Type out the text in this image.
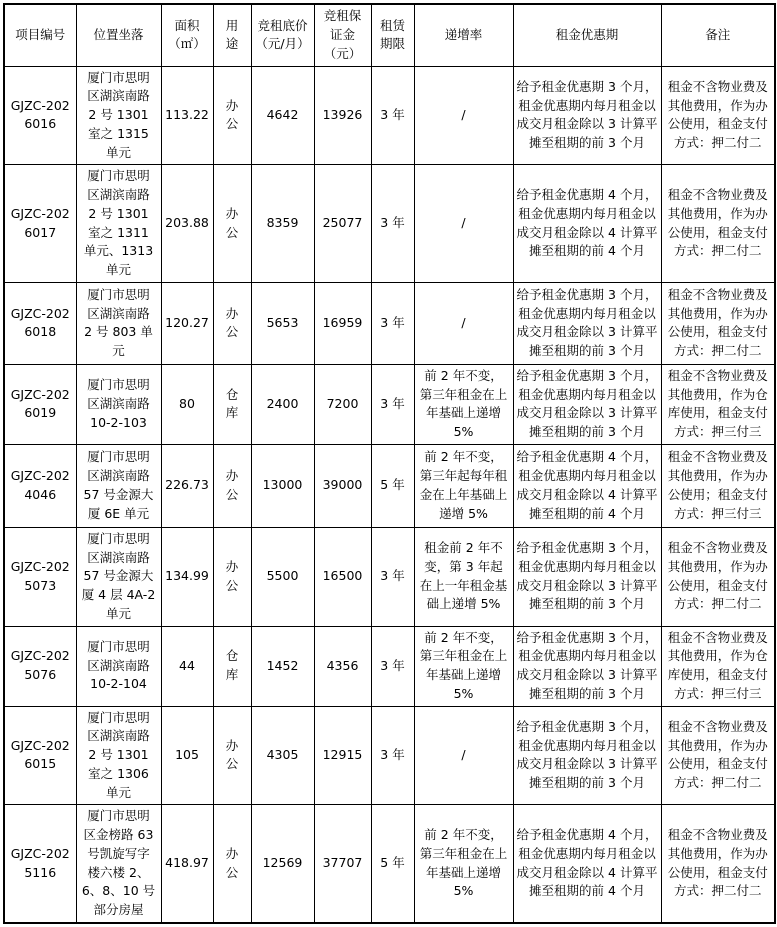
项目编号	位置坐落	面积（㎡）	用途	竞租底价（元/月）	竞租保证金（元）	租赁期限	递增率	租金优惠期	备注
GJZC-2026016	厦门市思明区湖滨南路 2 号 1301 室之 1315 单元	113.22	办公	4642	13926	3 年	/	给予租金优惠期 3 个月，租金优惠期内每月租金以成交月租金除以 3 计算平摊至租期的前 3 个月	租金不含物业费及其他费用，作为办公使用，租金支付方式：押二付二
GJZC-2026017	厦门市思明区湖滨南路 2 号 1301 室之 1311 单元、1313 单元	203.88	办公	8359	25077	3 年	/	给予租金优惠期 4 个月，租金优惠期内每月租金以成交月租金除以 4 计算平摊至租期的前 4 个月	租金不含物业费及其他费用，作为办公使用，租金支付方式：押二付二
GJZC-2026018	厦门市思明区湖滨南路 2 号 803 单元	120.27	办公	5653	16959	3 年	/	给予租金优惠期 3 个月，租金优惠期内每月租金以成交月租金除以 3 计算平摊至租期的前 3 个月	租金不含物业费及其他费用，作为办公使用，租金支付方式：押二付二
GJZC-2026019	厦门市思明区湖滨南路 10-2-103	80	仓库	2400	7200	3 年	前 2 年不变，第三年租金在上年基础上递增 5%	给予租金优惠期 3 个月，租金优惠期内每月租金以成交月租金除以 3 计算平摊至租期的前 3 个月	租金不含物业费及其他费用，作为仓库使用，租金支付方式：押三付三
GJZC-2024046	厦门市思明区湖滨南路 57 号金源大厦 6E 单元	226.73	办公	13000	39000	5 年	前 2 年不变，第三年起每年租金在上年基础上递增 5%	给予租金优惠期 4 个月，租金优惠期内每月租金以成交月租金除以 4 计算平摊至租期的前 4 个月	租金不含物业费及其他费用，作为办公使用；租金支付方式：押三付三
GJZC-2025073	厦门市思明区湖滨南路 57 号金源大厦 4 层 4A-2 单元	134.99	办公	5500	16500	3 年	租金前 2 年不变，第 3 年起在上一年租金基础上递增 5%	给予租金优惠期 3 个月，租金优惠期内每月租金以成交月租金除以 3 计算平摊至租期的前 3 个月	租金不含物业费及其他费用，作为办公使用，租金支付方式：押二付二
GJZC-2025076	厦门市思明区湖滨南路 10-2-104	44	仓库	1452	4356	3 年	前 2 年不变，第三年租金在上年基础上递增 5%	给予租金优惠期 3 个月，租金优惠期内每月租金以成交月租金除以 3 计算平摊至租期的前 3 个月	租金不含物业费及其他费用，作为仓库使用，租金支付方式：押三付三
GJZC-2026015	厦门市思明区湖滨南路 2 号 1301 室之 1306 单元	105	办公	4305	12915	3 年	/	给予租金优惠期 3 个月，租金优惠期内每月租金以成交月租金除以 3 计算平摊至租期的前 3 个月	租金不含物业费及其他费用，作为办公使用，租金支付方式：押二付二
GJZC-2025116	厦门市思明区金榜路 63 号凯旋写字楼六楼 2、6、8、10 号部分房屋	418.97	办公	12569	37707	5 年	前 2 年不变，第三年租金在上年基础上递增 5%	给予租金优惠期 4 个月，租金优惠期内每月租金以成交月租金除以 4 计算平摊至租期的前 4 个月	租金不含物业费及其他费用，作为办公使用，租金支付方式：押二付二
